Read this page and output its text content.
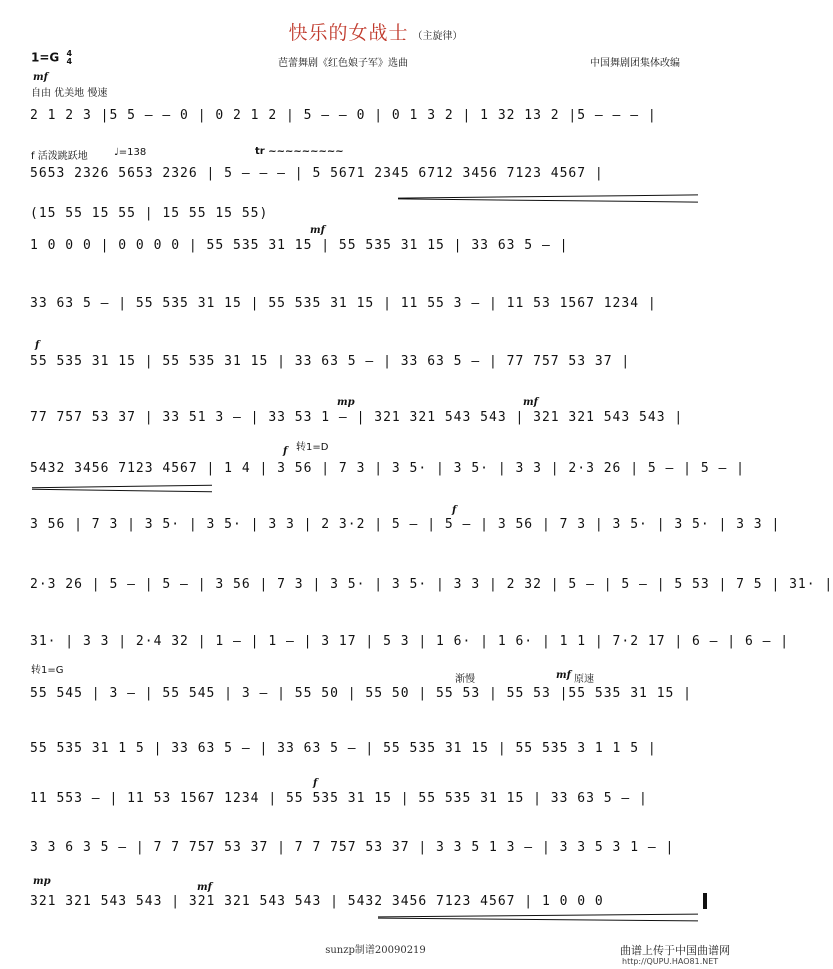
快乐的女战士 （主旋律）
1=G 4
4	芭蕾舞剧《红色娘子军》选曲	中国舞剧团集体改编
mf
自由 优美地 慢速
f 活泼跳跃地	♩=138	tr ~~~~~~~~~
mf
f
mp	mf
转1=D
f
f
转1=G
渐慢	mf 原速
f
mp
mf
2 1 2 3 |5 5 – – 0 | 0 2 1 2 | 5 – – 0 | 0 1 3 2 | 1 32 13 2 |5 – – – |
5653 2326 5653 2326 | 5 – – – | 5 5671 2345 6712 3456 7123 4567 |
(15 55 15 55 | 15 55 15 55)
1 0 0 0 | 0 0 0 0 | 55 535 31 15 | 55 535 31 15 | 33 63 5 – |
33 63 5 – | 55 535 31 15 | 55 535 31 15 | 11 55 3 – | 11 53 1567 1234 |
55 535 31 15 | 55 535 31 15 | 33 63 5 – | 33 63 5 – | 77 757 53 37 |
77 757 53 37 | 33 51 3 – | 33 53 1 – | 321 321 543 543 | 321 321 543 543 |
5432 3456 7123 4567 | 1 4 | 3 56 | 7 3 | 3 5· | 3 5· | 3 3 | 2·3 26 | 5 – | 5 – |
3 56 | 7 3 | 3 5· | 3 5· | 3 3 | 2 3·2 | 5 – | 5 – | 3 56 | 7 3 | 3 5· | 3 5· | 3 3 |
2·3 26 | 5 – | 5 – | 3 56 | 7 3 | 3 5· | 3 5· | 3 3 | 2 32 | 5 – | 5 – | 5 53 | 7 5 | 31· |
31· | 3 3 | 2·4 32 | 1 – | 1 – | 3 17 | 5 3 | 1 6· | 1 6· | 1 1 | 7·2 17 | 6 – | 6 – |
55 545 | 3 – | 55 545 | 3 – | 55 50 | 55 50 | 55 53 | 55 53 |55 535 31 15 |
55 535 31 1 5 | 33 63 5 – | 33 63 5 – | 55 535 31 15 | 55 535 3 1 1 5 |
11 553 – | 11 53 1567 1234 | 55 535 31 15 | 55 535 31 15 | 33 63 5 – |
3 3 6 3 5 – | 7 7 757 53 37 | 7 7 757 53 37 | 3 3 5 1 3 – | 3 3 5 3 1 – |
321 321 543 543 | 321 321 543 543 | 5432 3456 7123 4567 | 1 0 0 0
sunzp制谱20090219	曲谱上传于中国曲谱网
http://QUPU.HAO81.NET
